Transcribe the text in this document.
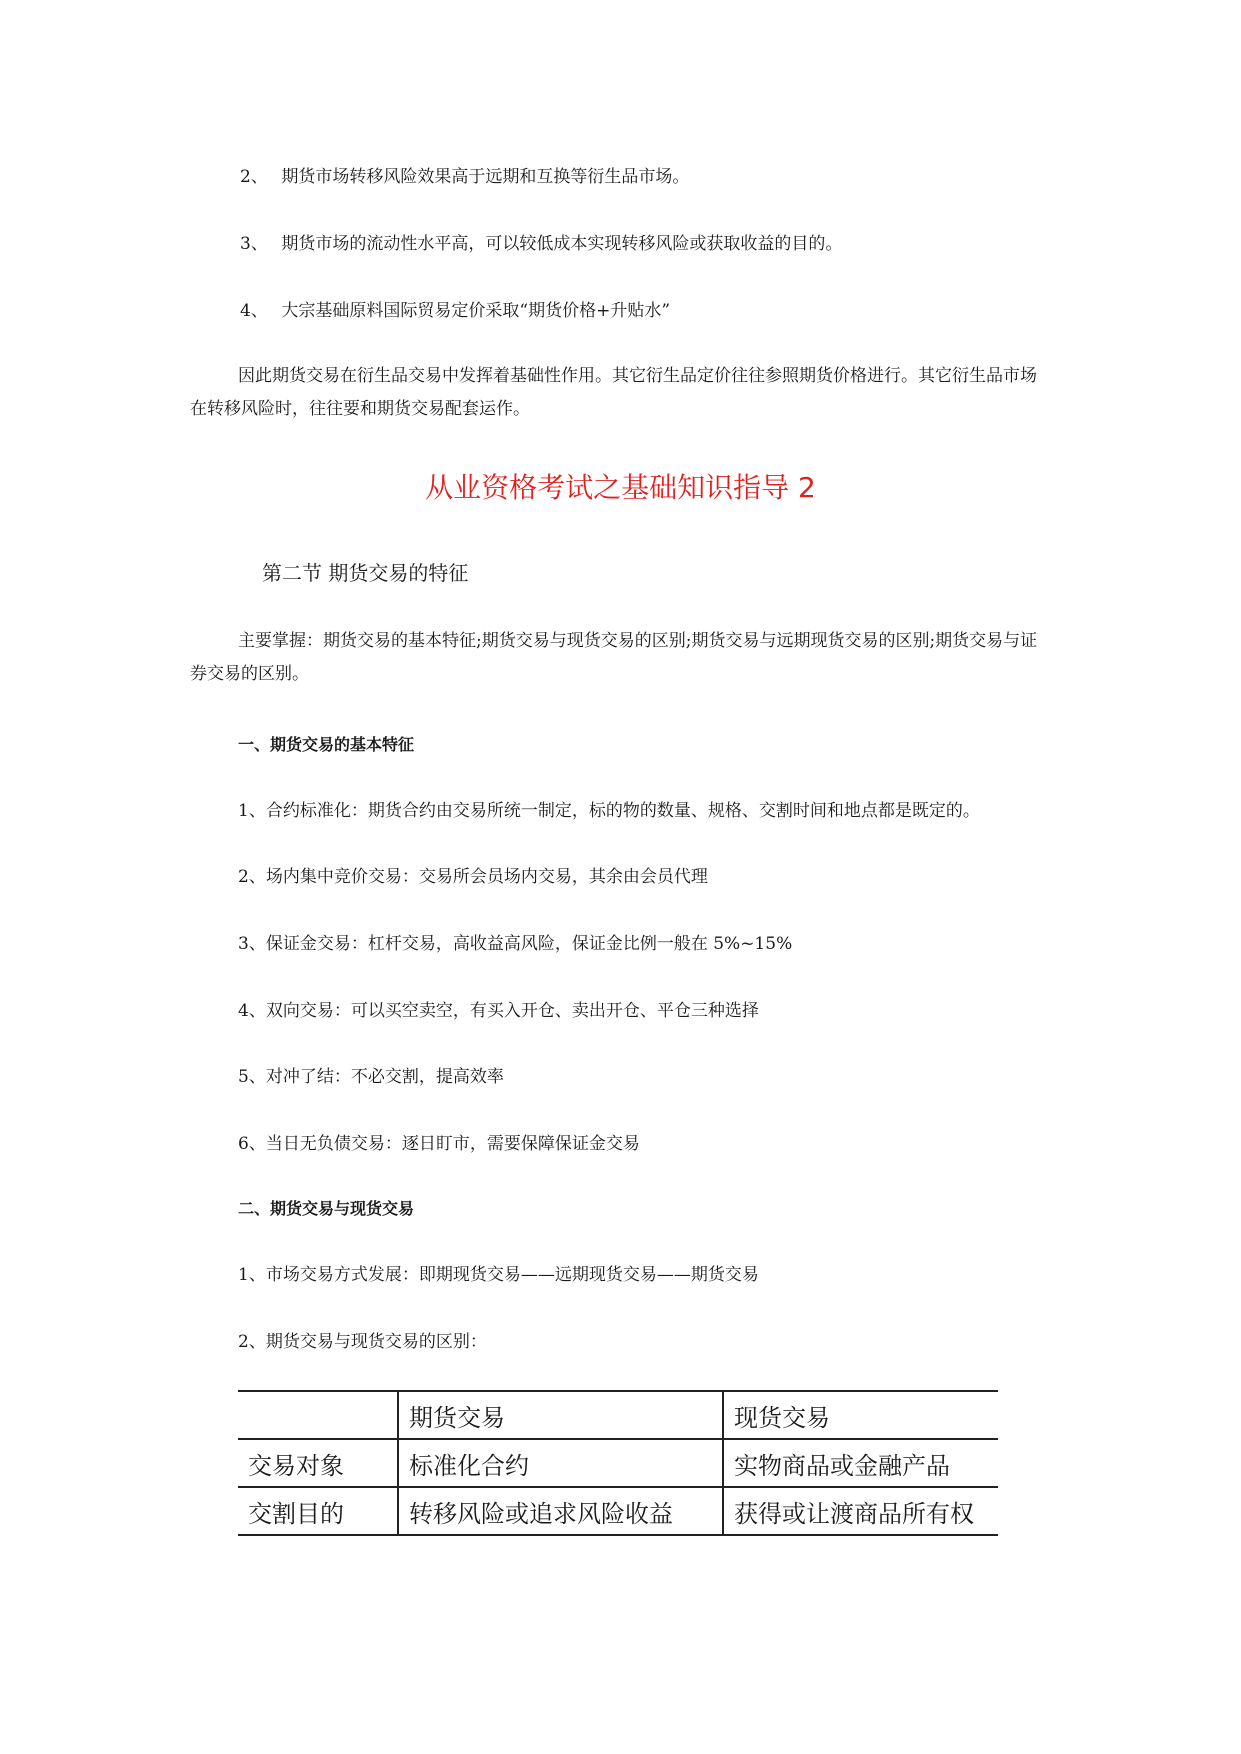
2、 期货市场转移风险效果高于远期和互换等衍生品市场。
3、 期货市场的流动性水平高，可以较低成本实现转移风险或获取收益的目的。
4、 大宗基础原料国际贸易定价采取“期货价格+升贴水”
因此期货交易在衍生品交易中发挥着基础性作用。其它衍生品定价往往参照期货价格进行。其它衍生品市场在转移风险时，往往要和期货交易配套运作。
从业资格考试之基础知识指导 2
第二节 期货交易的特征
主要掌握：期货交易的基本特征;期货交易与现货交易的区别;期货交易与远期现货交易的区别;期货交易与证券交易的区别。
一、期货交易的基本特征
1、合约标准化：期货合约由交易所统一制定，标的物的数量、规格、交割时间和地点都是既定的。
2、场内集中竞价交易：交易所会员场内交易，其余由会员代理
3、保证金交易：杠杆交易，高收益高风险，保证金比例一般在 5%~15%
4、双向交易：可以买空卖空，有买入开仓、卖出开仓、平仓三种选择
5、对冲了结：不必交割，提高效率
6、当日无负债交易：逐日盯市，需要保障保证金交易
二、期货交易与现货交易
1、市场交易方式发展：即期现货交易——远期现货交易——期货交易
2、期货交易与现货交易的区别：
	期货交易	现货交易
交易对象	标准化合约	实物商品或金融产品
交割目的	转移风险或追求风险收益	获得或让渡商品所有权
